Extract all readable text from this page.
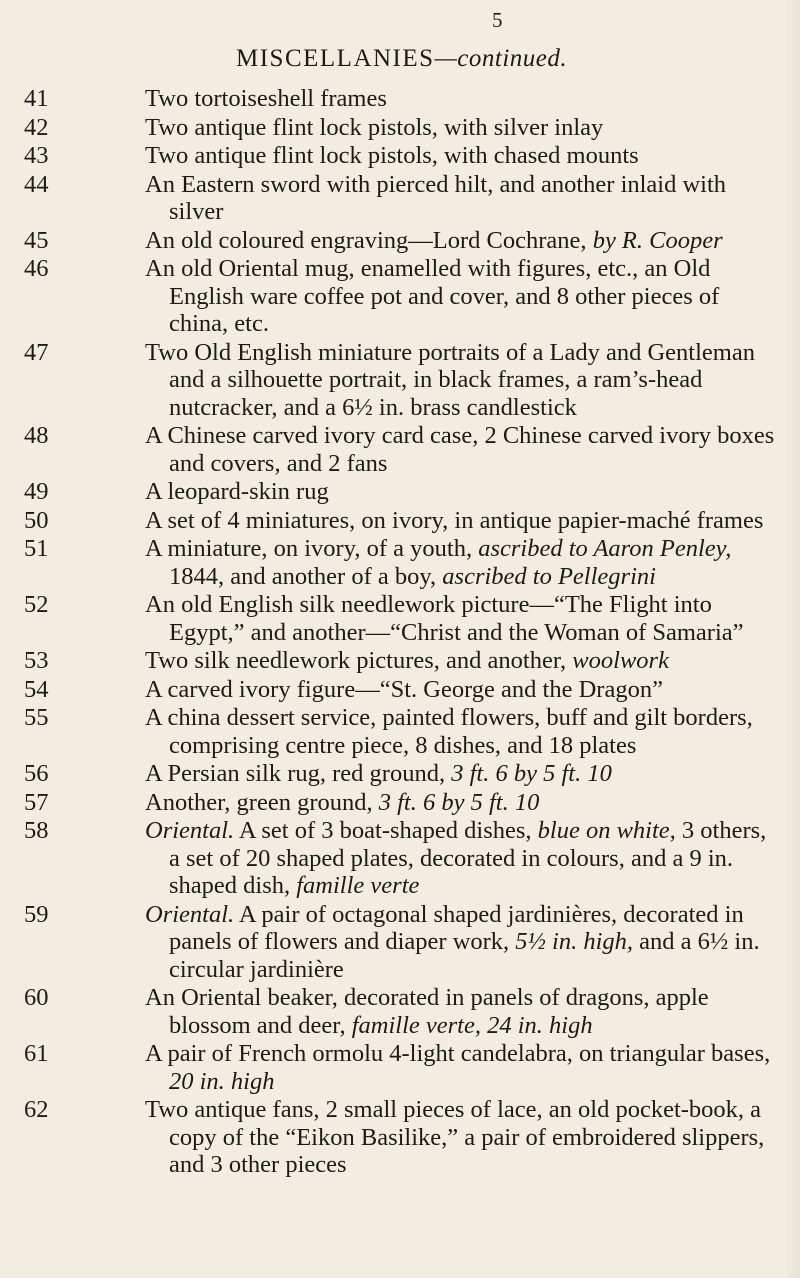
5
MISCELLANIES—continued.
41	Two tortoiseshell frames
42	Two antique flint lock pistols, with silver inlay
43	Two antique flint lock pistols, with chased mounts
44	An Eastern sword with pierced hilt, and another inlaid with silver
45	An old coloured engraving—Lord Cochrane, by R. Cooper
46	An old Oriental mug, enamelled with figures, etc., an Old English ware coffee pot and cover, and 8 other pieces of china, etc.
47	Two Old English miniature portraits of a Lady and Gentleman and a silhouette portrait, in black frames, a ram’s-head nutcracker, and a 6½ in. brass candlestick
48	A Chinese carved ivory card case, 2 Chinese carved ivory boxes and covers, and 2 fans
49	A leopard-skin rug
50	A set of 4 miniatures, on ivory, in antique papier-maché frames
51	A miniature, on ivory, of a youth, ascribed to Aaron Penley, 1844, and another of a boy, ascribed to Pellegrini
52	An old English silk needlework picture—“The Flight into Egypt,” and another—“Christ and the Woman of Samaria”
53	Two silk needlework pictures, and another, woolwork
54	A carved ivory figure—“St. George and the Dragon”
55	A china dessert service, painted flowers, buff and gilt borders, comprising centre piece, 8 dishes, and 18 plates
56	A Persian silk rug, red ground, 3 ft. 6 by 5 ft. 10
57	Another, green ground, 3 ft. 6 by 5 ft. 10
58	Oriental. A set of 3 boat-shaped dishes, blue on white, 3 others, a set of 20 shaped plates, decorated in colours, and a 9 in. shaped dish, famille verte
59	Oriental. A pair of octagonal shaped jardinières, decorated in panels of flowers and diaper work, 5½ in. high, and a 6½ in. circular jardinière
60	An Oriental beaker, decorated in panels of dragons, apple blossom and deer, famille verte, 24 in. high
61	A pair of French ormolu 4-light candelabra, on triangular bases, 20 in. high
62	Two antique fans, 2 small pieces of lace, an old pocket-book, a copy of the “Eikon Basilike,” a pair of embroidered slippers, and 3 other pieces
